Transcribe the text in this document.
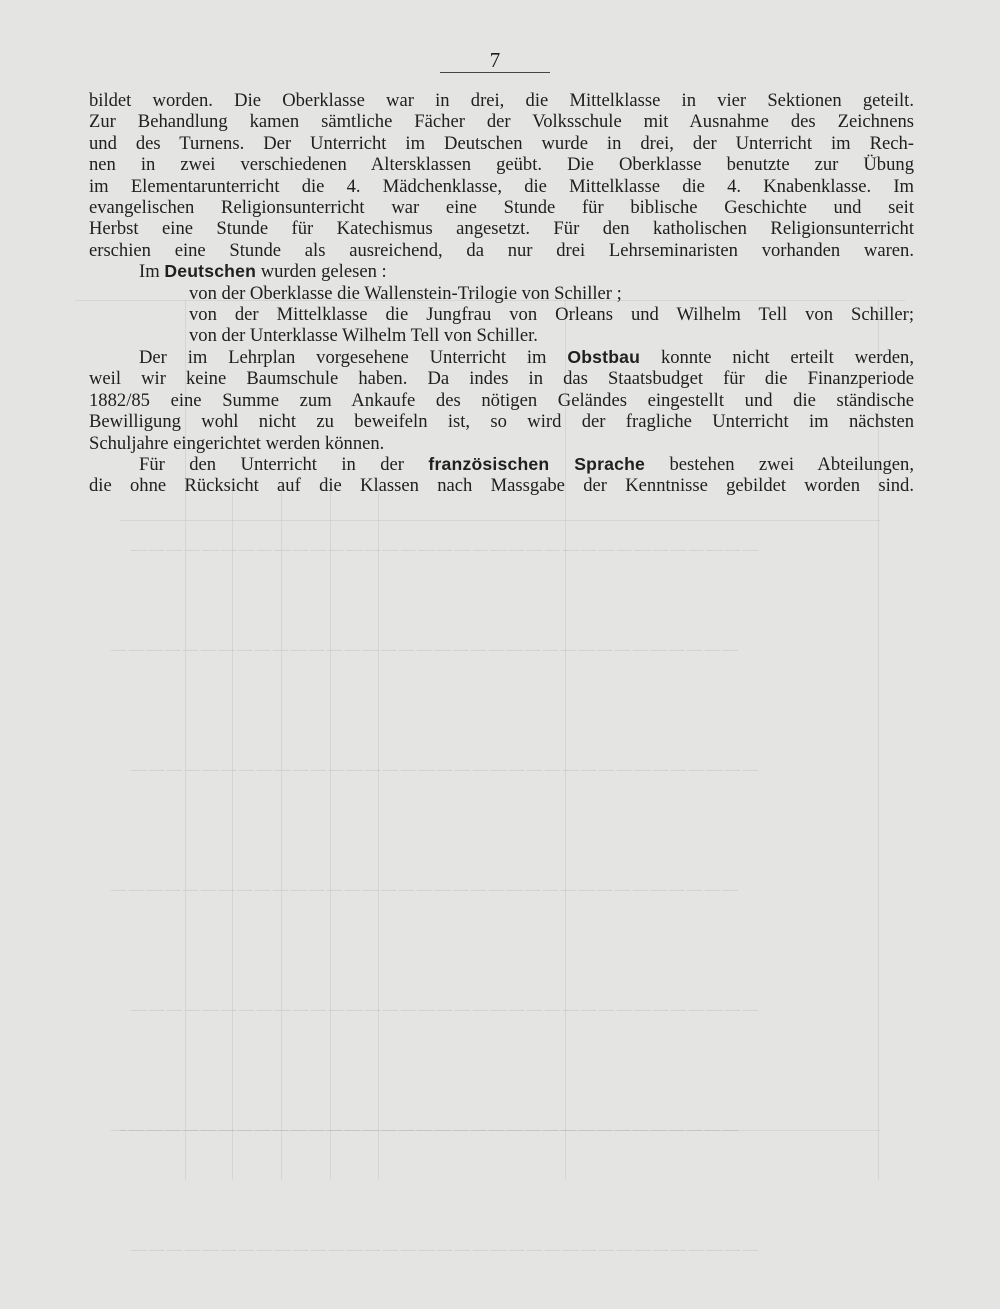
———————————————————————————————————
———————————————————————————————————
———————————————————————————————————
———————————————————————————————————
———————————————————————————————————
———————————————————————————————————
———————————————————————————————————
7

bildet worden. Die Oberklasse war in drei, die Mittelklasse in vier Sektionen geteilt.

Zur Behandlung kamen sämtliche Fächer der Volksschule mit Ausnahme des Zeichnens

und des Turnens. Der Unterricht im Deutschen wurde in drei, der Unterricht im Rech-

nen in zwei verschiedenen Altersklassen geübt. Die Oberklasse benutzte zur Übung

im Elementarunterricht die 4. Mädchenklasse, die Mittelklasse die 4. Knabenklasse. Im

evangelischen Religionsunterricht war eine Stunde für biblische Geschichte und seit

Herbst eine Stunde für Katechismus angesetzt. Für den katholischen Religionsunterricht

erschien eine Stunde als ausreichend, da nur drei Lehrseminaristen vorhanden waren.

Im Deutschen wurden gelesen :

von der Oberklasse die Wallenstein-Trilogie von Schiller ;
von der Mittelklasse die Jungfrau von Orleans und Wilhelm Tell von Schiller;
von der Unterklasse Wilhelm Tell von Schiller.

Der im Lehrplan vorgesehene Unterricht im Obstbau konnte nicht erteilt werden,

weil wir keine Baumschule haben. Da indes in das Staatsbudget für die Finanzperiode

1882/85 eine Summe zum Ankaufe des nötigen Geländes eingestellt und die ständische

Bewilligung wohl nicht zu beweifeln ist, so wird der fragliche Unterricht im nächsten

Schuljahre eingerichtet werden können.

Für den Unterricht in der französischen Sprache bestehen zwei Abteilungen,

die ohne Rücksicht auf die Klassen nach Massgabe der Kenntnisse gebildet worden sind.
